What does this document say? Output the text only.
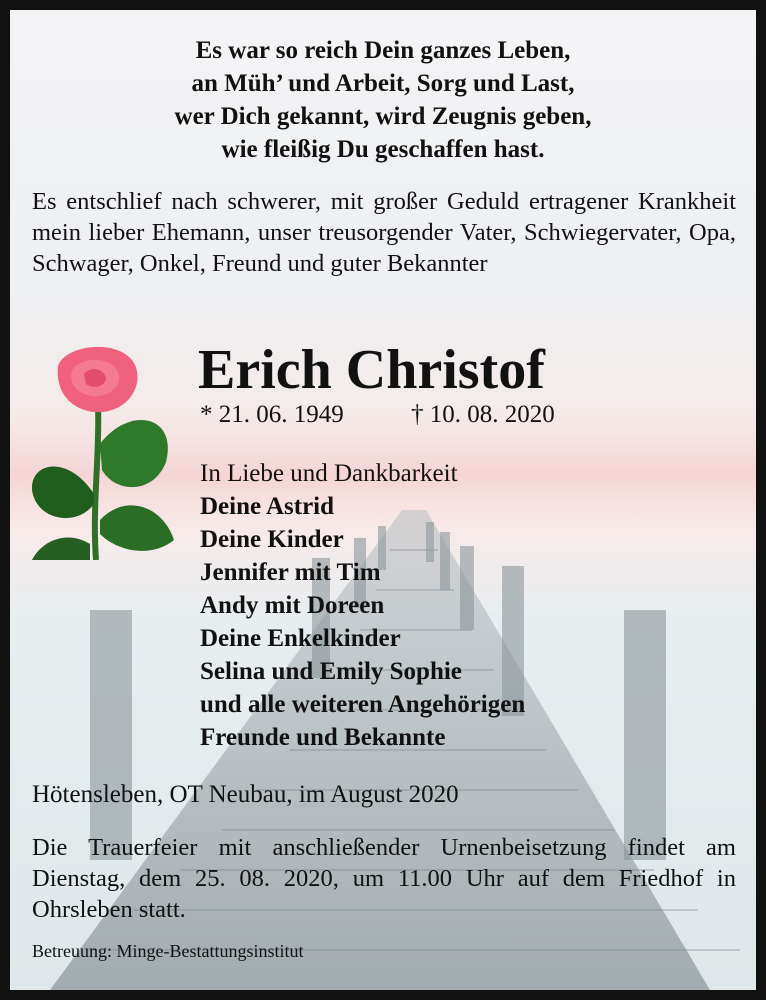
Es war so reich Dein ganzes Leben,
an Müh’ und Arbeit, Sorg und Last,
wer Dich gekannt, wird Zeugnis geben,
wie fleißig Du geschaffen hast.
Es entschlief nach schwerer, mit großer Geduld ertragener Krankheit mein lieber Ehemann, unser treusorgender Vater, Schwiegervater, Opa, Schwager, Onkel, Freund und guter Bekannter
Erich Christof
* 21. 06. 1949	† 10. 08. 2020
In Liebe und Dankbarkeit
Deine Astrid
Deine Kinder
Jennifer mit Tim
Andy mit Doreen
Deine Enkelkinder
Selina und Emily Sophie
und alle weiteren Angehörigen
Freunde und Bekannte
Hötensleben, OT Neubau, im August 2020
Die Trauerfeier mit anschließender Urnenbeisetzung findet am Dienstag, dem 25. 08. 2020, um 11.00 Uhr auf dem Friedhof in Ohrsleben statt.
Betreuung: Minge-Bestattungsinstitut
